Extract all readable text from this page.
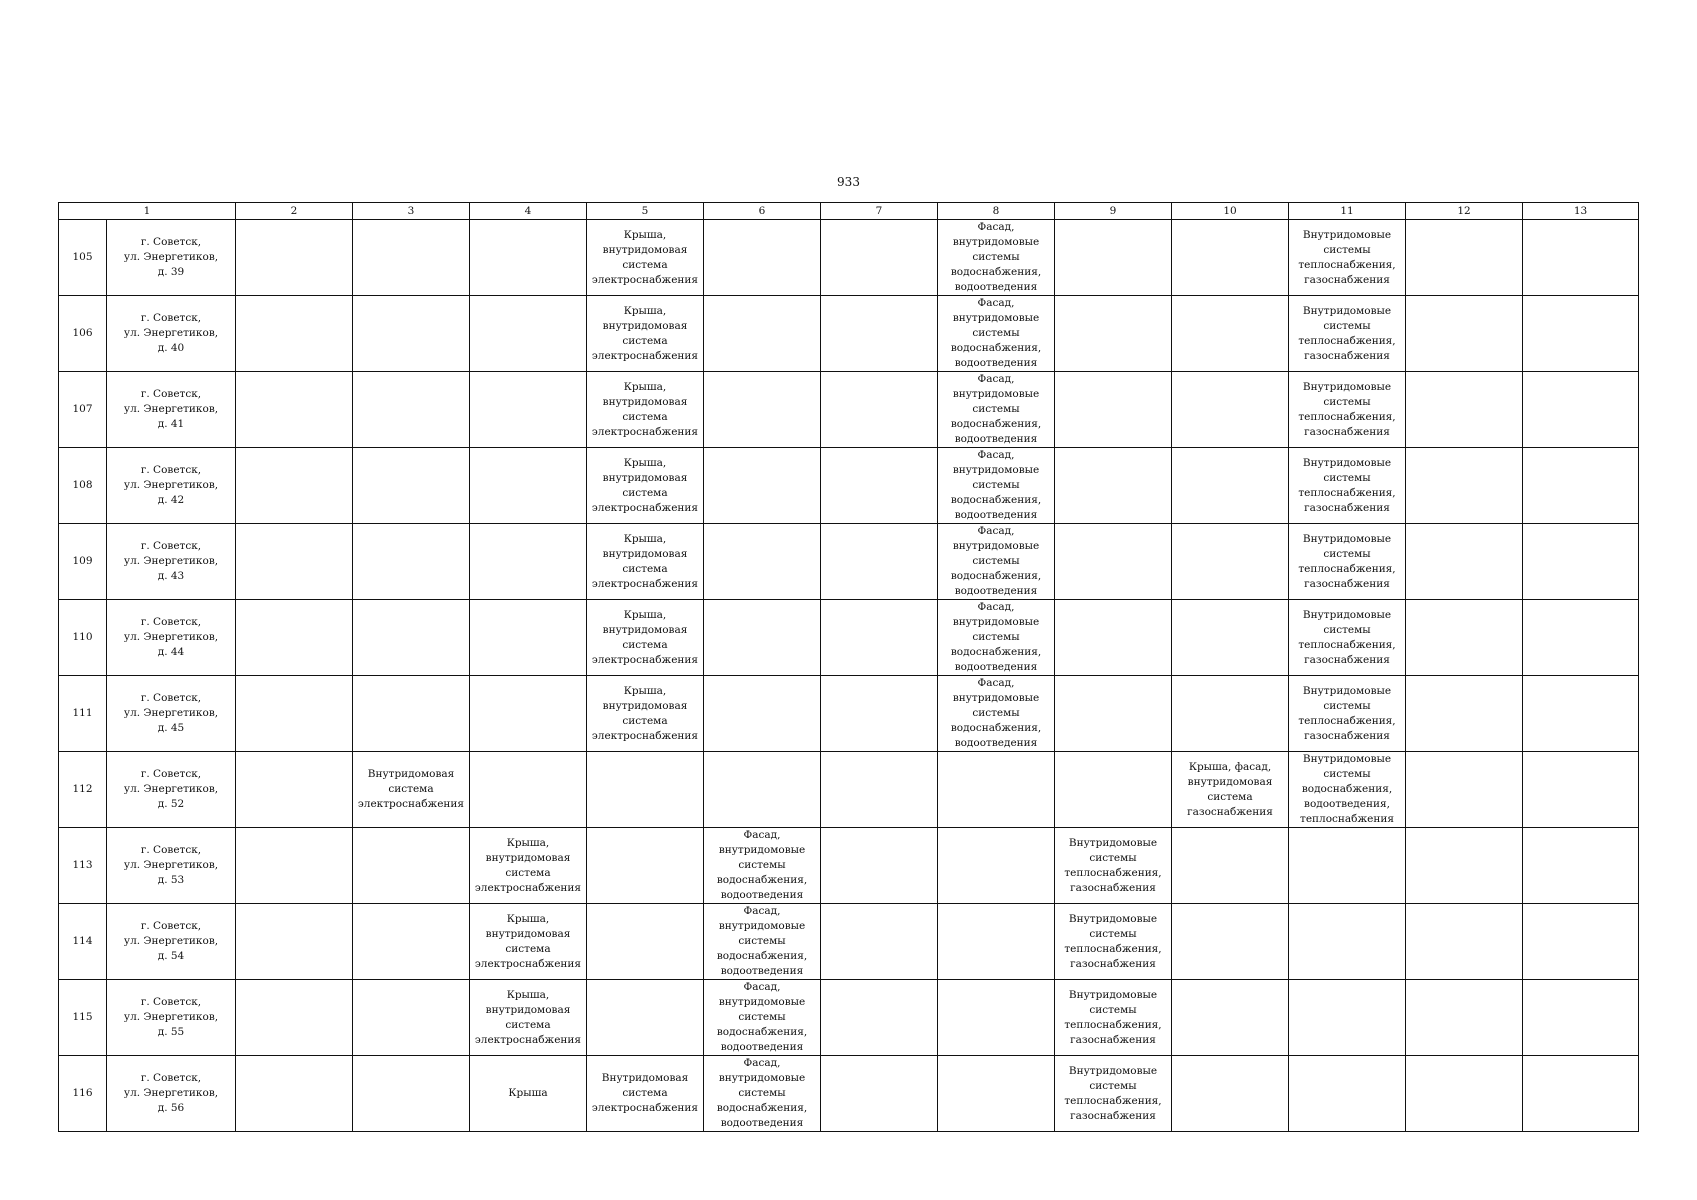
933
1		2	3	4	5	6	7	8	9	10	11	12	13

105	г. Советск,
ул. Энергетиков,
д. 39				Крыша,
внутридомовая
система
электроснабжения			Фасад,
внутридомовые
системы
водоснабжения,
водоотведения			Внутридомовые
системы
теплоснабжения,
газоснабжения		

106	г. Советск,
ул. Энергетиков,
д. 40				Крыша,
внутридомовая
система
электроснабжения			Фасад,
внутридомовые
системы
водоснабжения,
водоотведения			Внутридомовые
системы
теплоснабжения,
газоснабжения		

107	г. Советск,
ул. Энергетиков,
д. 41				Крыша,
внутридомовая
система
электроснабжения			Фасад,
внутридомовые
системы
водоснабжения,
водоотведения			Внутридомовые
системы
теплоснабжения,
газоснабжения		

108	г. Советск,
ул. Энергетиков,
д. 42				Крыша,
внутридомовая
система
электроснабжения			Фасад,
внутридомовые
системы
водоснабжения,
водоотведения			Внутридомовые
системы
теплоснабжения,
газоснабжения		

109	г. Советск,
ул. Энергетиков,
д. 43				Крыша,
внутридомовая
система
электроснабжения			Фасад,
внутридомовые
системы
водоснабжения,
водоотведения			Внутридомовые
системы
теплоснабжения,
газоснабжения		

110	г. Советск,
ул. Энергетиков,
д. 44				Крыша,
внутридомовая
система
электроснабжения			Фасад,
внутридомовые
системы
водоснабжения,
водоотведения			Внутридомовые
системы
теплоснабжения,
газоснабжения		

111	г. Советск,
ул. Энергетиков,
д. 45				Крыша,
внутридомовая
система
электроснабжения			Фасад,
внутридомовые
системы
водоснабжения,
водоотведения			Внутридомовые
системы
теплоснабжения,
газоснабжения		

112	г. Советск,
ул. Энергетиков,
д. 52		Внутридомовая
система
электроснабжения							Крыша, фасад,
внутридомовая
система
газоснабжения	Внутридомовые
системы
водоснабжения,
водоотведения,
теплоснабжения		

113	г. Советск,
ул. Энергетиков,
д. 53			Крыша,
внутридомовая
система
электроснабжения		Фасад,
внутридомовые
системы
водоснабжения,
водоотведения			Внутридомовые
системы
теплоснабжения,
газоснабжения				

114	г. Советск,
ул. Энергетиков,
д. 54			Крыша,
внутридомовая
система
электроснабжения		Фасад,
внутридомовые
системы
водоснабжения,
водоотведения			Внутридомовые
системы
теплоснабжения,
газоснабжения				

115	г. Советск,
ул. Энергетиков,
д. 55			Крыша,
внутридомовая
система
электроснабжения		Фасад,
внутридомовые
системы
водоснабжения,
водоотведения			Внутридомовые
системы
теплоснабжения,
газоснабжения				

116	г. Советск,
ул. Энергетиков,
д. 56			Крыша	Внутридомовая
система
электроснабжения	Фасад,
внутридомовые
системы
водоснабжения,
водоотведения			Внутридомовые
системы
теплоснабжения,
газоснабжения				
